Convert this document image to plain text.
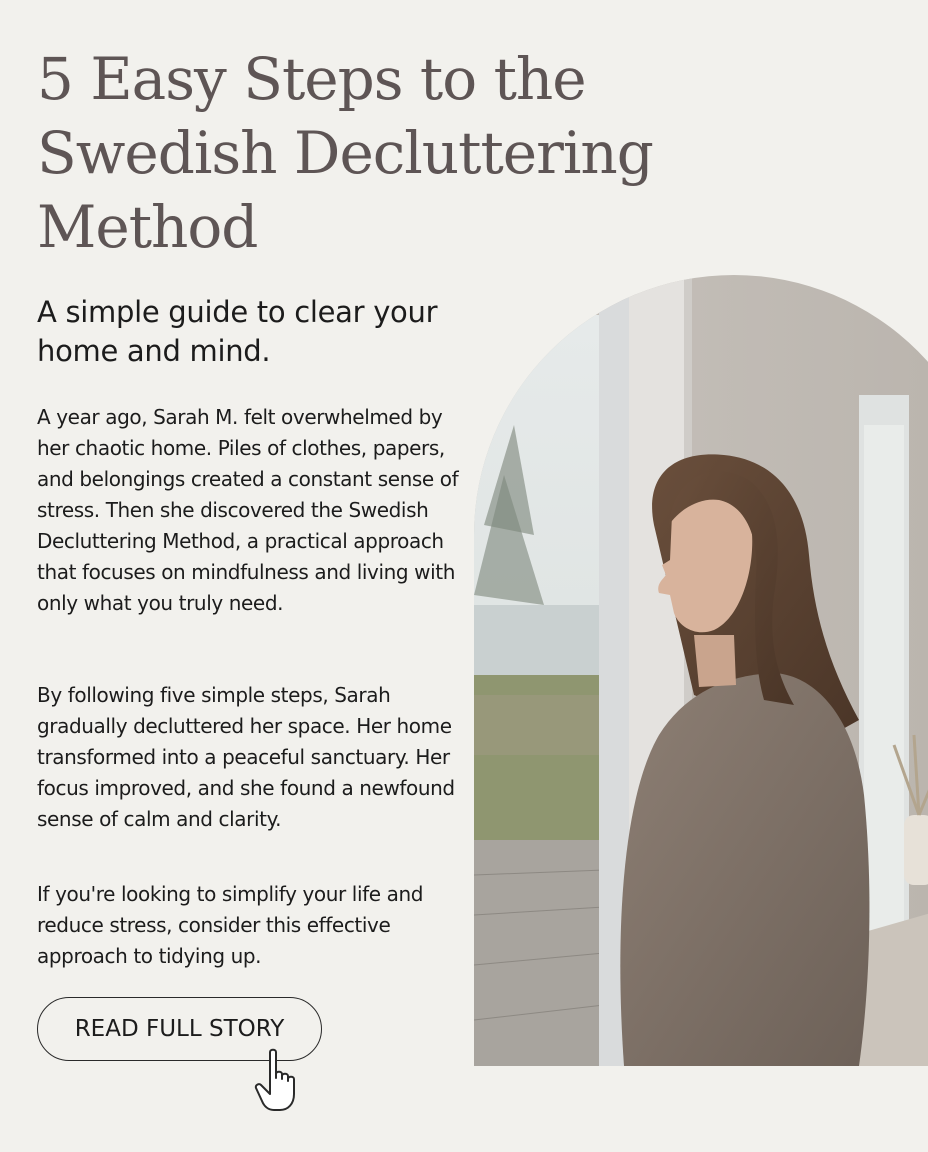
5 Easy Steps to the Swedish Decluttering Method

A simple guide to clear your home and mind.

A year ago, Sarah M. felt overwhelmed by her chaotic home. Piles of clothes, papers, and belongings created a constant sense of stress. Then she discovered the Swedish Decluttering Method, a practical approach that focuses on mindfulness and living with only what you truly need.

By following five simple steps, Sarah gradually decluttered her space. Her home transformed into a peaceful sanctuary. Her focus improved, and she found a newfound sense of calm and clarity.

If you're looking to simplify your life and reduce stress, consider this effective approach to tidying up.

READ FULL STORY
